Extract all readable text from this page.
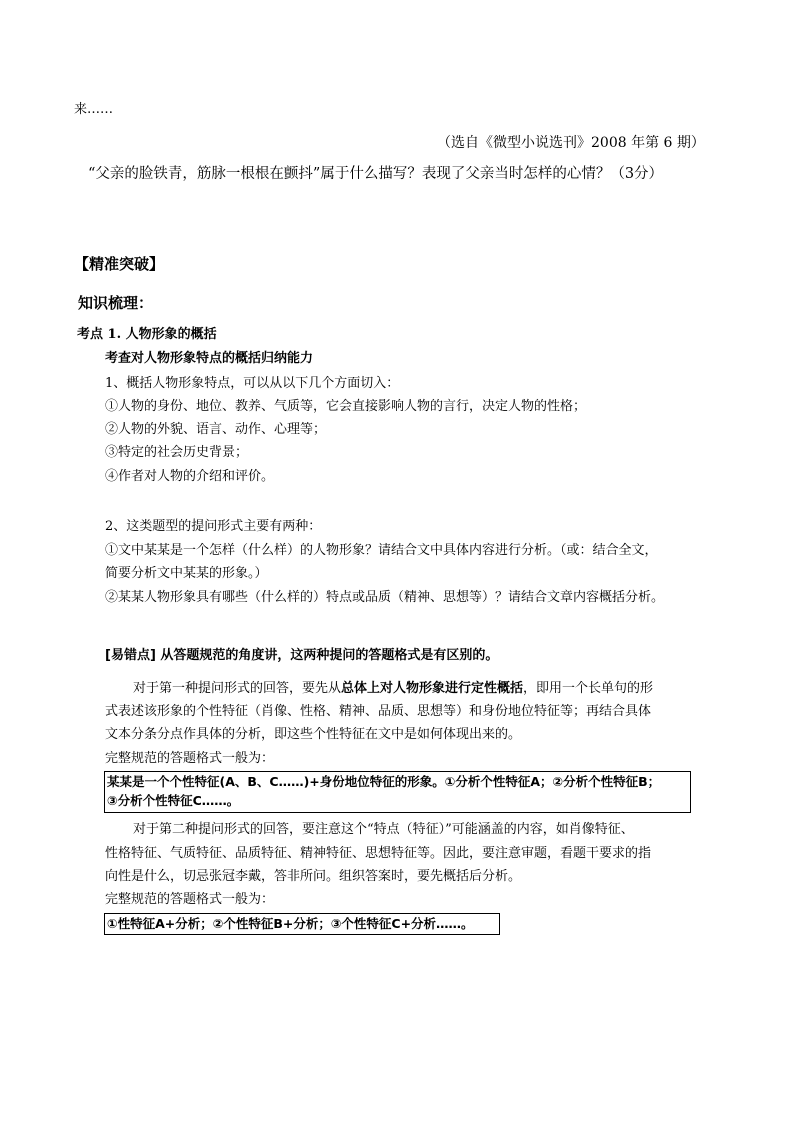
来……
（选自《微型小说选刊》2008 年第 6 期）
“父亲的脸铁青，筋脉一根根在颤抖”属于什么描写？表现了父亲当时怎样的心情？（3分）
【精准突破】
知识梳理：
考点 1. 人物形象的概括
考查对人物形象特点的概括归纳能力
1、概括人物形象特点，可以从以下几个方面切入：
①人物的身份、地位、教养、气质等，它会直接影响人物的言行，决定人物的性格；
②人物的外貌、语言、动作、心理等；
③特定的社会历史背景；
④作者对人物的介绍和评价。
2、这类题型的提问形式主要有两种：
①文中某某是一个怎样（什么样）的人物形象？请结合文中具体内容进行分析。（或：结合全文，
简要分析文中某某的形象。）
②某某人物形象具有哪些（什么样的）特点或品质（精神、思想等）？请结合文章内容概括分析。
[易错点] 从答题规范的角度讲，这两种提问的答题格式是有区别的。
对于第一种提问形式的回答，要先从总体上对人物形象进行定性概括，即用一个长单句的形
式表述该形象的个性特征（肖像、性格、精神、品质、思想等）和身份地位特征等；再结合具体
文本分条分点作具体的分析，即这些个性特征在文中是如何体现出来的。
完整规范的答题格式一般为：
某某是一个个性特征(A、B、C……)+身份地位特征的形象。①分析个性特征A；②分析个性特征B；
③分析个性特征C……。
对于第二种提问形式的回答，要注意这个“特点（特征）”可能涵盖的内容，如肖像特征、
性格特征、气质特征、品质特征、精神特征、思想特征等。因此，要注意审题，看题干要求的指
向性是什么，切忌张冠李戴，答非所问。组织答案时，要先概括后分析。
完整规范的答题格式一般为：
①性特征A+分析；②个性特征B+分析；③个性特征C+分析……。
